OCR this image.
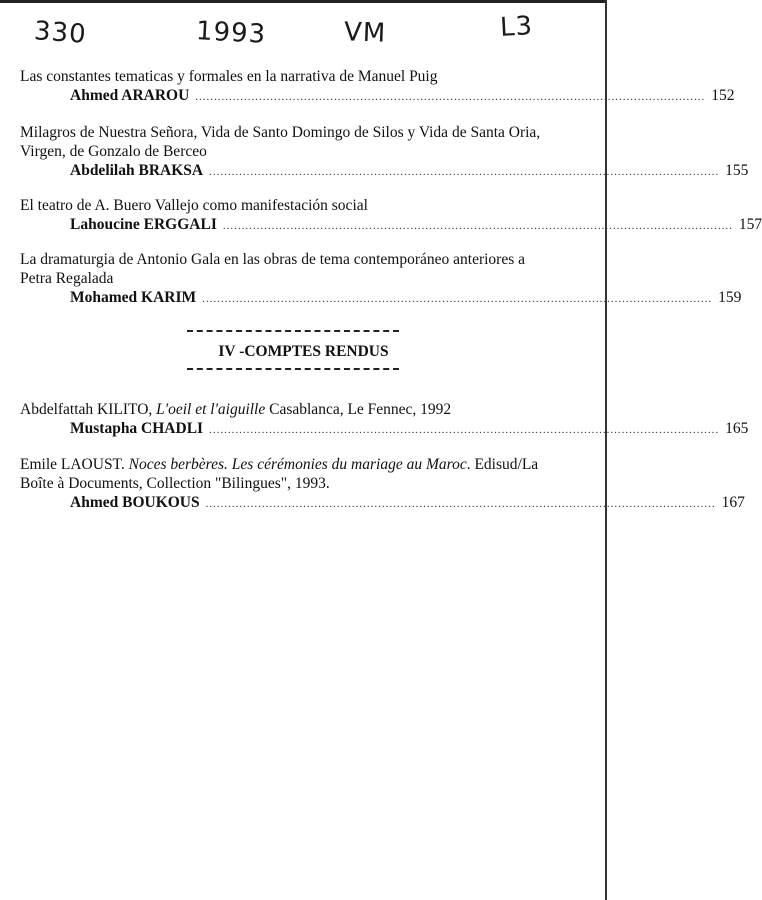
330	1993	VM	L3
Las constantes tematicas y formales en la narrativa de Manuel Puig
Ahmed ARAROU ........................................................................................................................................ 152
Milagros de Nuestra Señora, Vida de Santo Domingo de Silos y Vida de Santa Oria,
Virgen, de Gonzalo de Berceo
Abdelilah BRAKSA ........................................................................................................................................ 155
El teatro de A. Buero Vallejo como manifestación social
Lahoucine ERGGALI ........................................................................................................................................ 157
La dramaturgia de Antonio Gala en las obras de tema contemporáneo anteriores a
Petra Regalada
Mohamed KARIM ........................................................................................................................................ 159
IV -COMPTES RENDUS
Abdelfattah KILITO, L'oeil et l'aiguille Casablanca, Le Fennec, 1992
Mustapha CHADLI ........................................................................................................................................ 165
Emile LAOUST. Noces berbères. Les cérémonies du mariage au Maroc. Edisud/La
Boîte à Documents, Collection "Bilingues", 1993.
Ahmed BOUKOUS ........................................................................................................................................ 167
